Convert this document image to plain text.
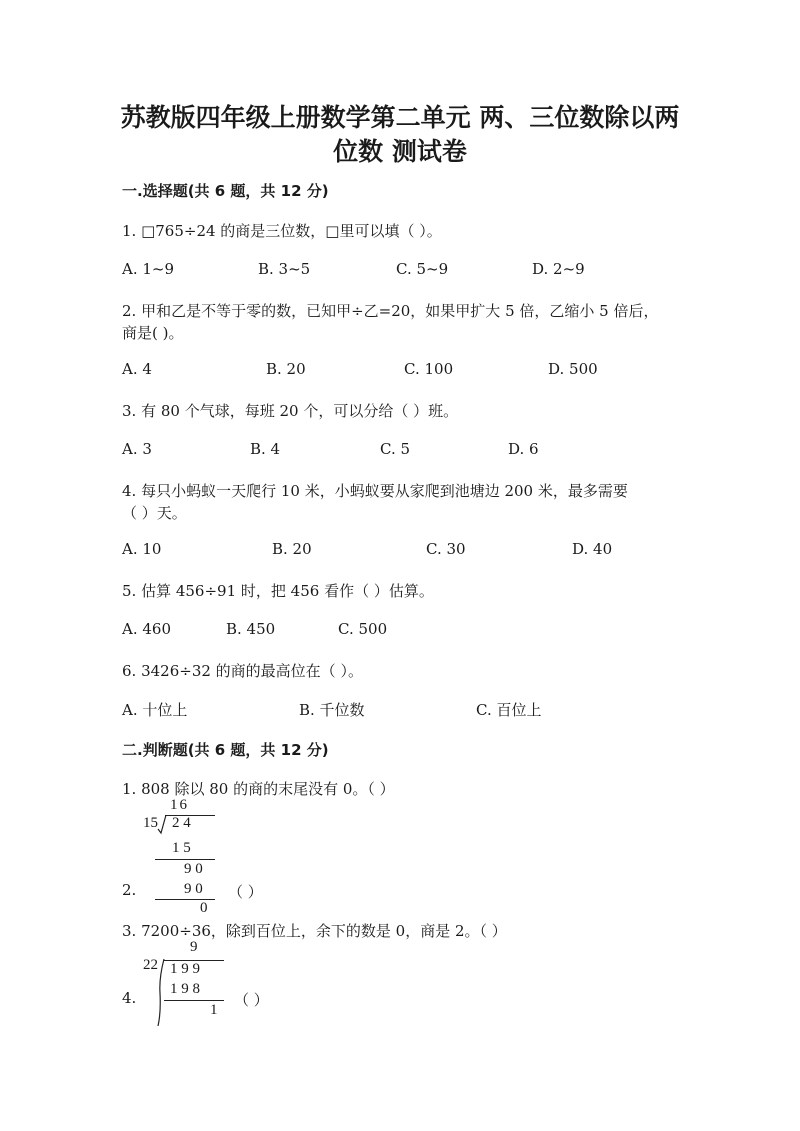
苏教版四年级上册数学第二单元 两、三位数除以两
位数 测试卷
一.选择题(共 6 题，共 12 分)
1. □765÷24 的商是三位数，□里可以填（ ）。
A. 1~9	B. 3~5	C. 5~9	D. 2~9
2. 甲和乙是不等于零的数，已知甲÷乙=20，如果甲扩大 5 倍，乙缩小 5 倍后，
商是( )。
A. 4	B. 20	C. 100	D. 500
3. 有 80 个气球，每班 20 个，可以分给（ ）班。
A. 3	B. 4	C. 5	D. 6
4. 每只小蚂蚁一天爬行 10 米，小蚂蚁要从家爬到池塘边 200 米，最多需要
（ ）天。
A. 10	B. 20	C. 30	D. 40
5. 估算 456÷91 时，把 456 看作（ ）估算。
A. 460	B. 450	C. 500
6. 3426÷32 的商的最高位在（ ）。
A. 十位上	B. 千位数	C. 百位上
二.判断题(共 6 题，共 12 分)
1. 808 除以 80 的商的末尾没有 0。（ ）
16
15 2 4
1 5
9 0
9 0
0
2.	（ ）
3. 7200÷36，除到百位上，余下的数是 0，商是 2。（ ）
9
22 1 9 9
1 9 8
1
4.	（ ）
